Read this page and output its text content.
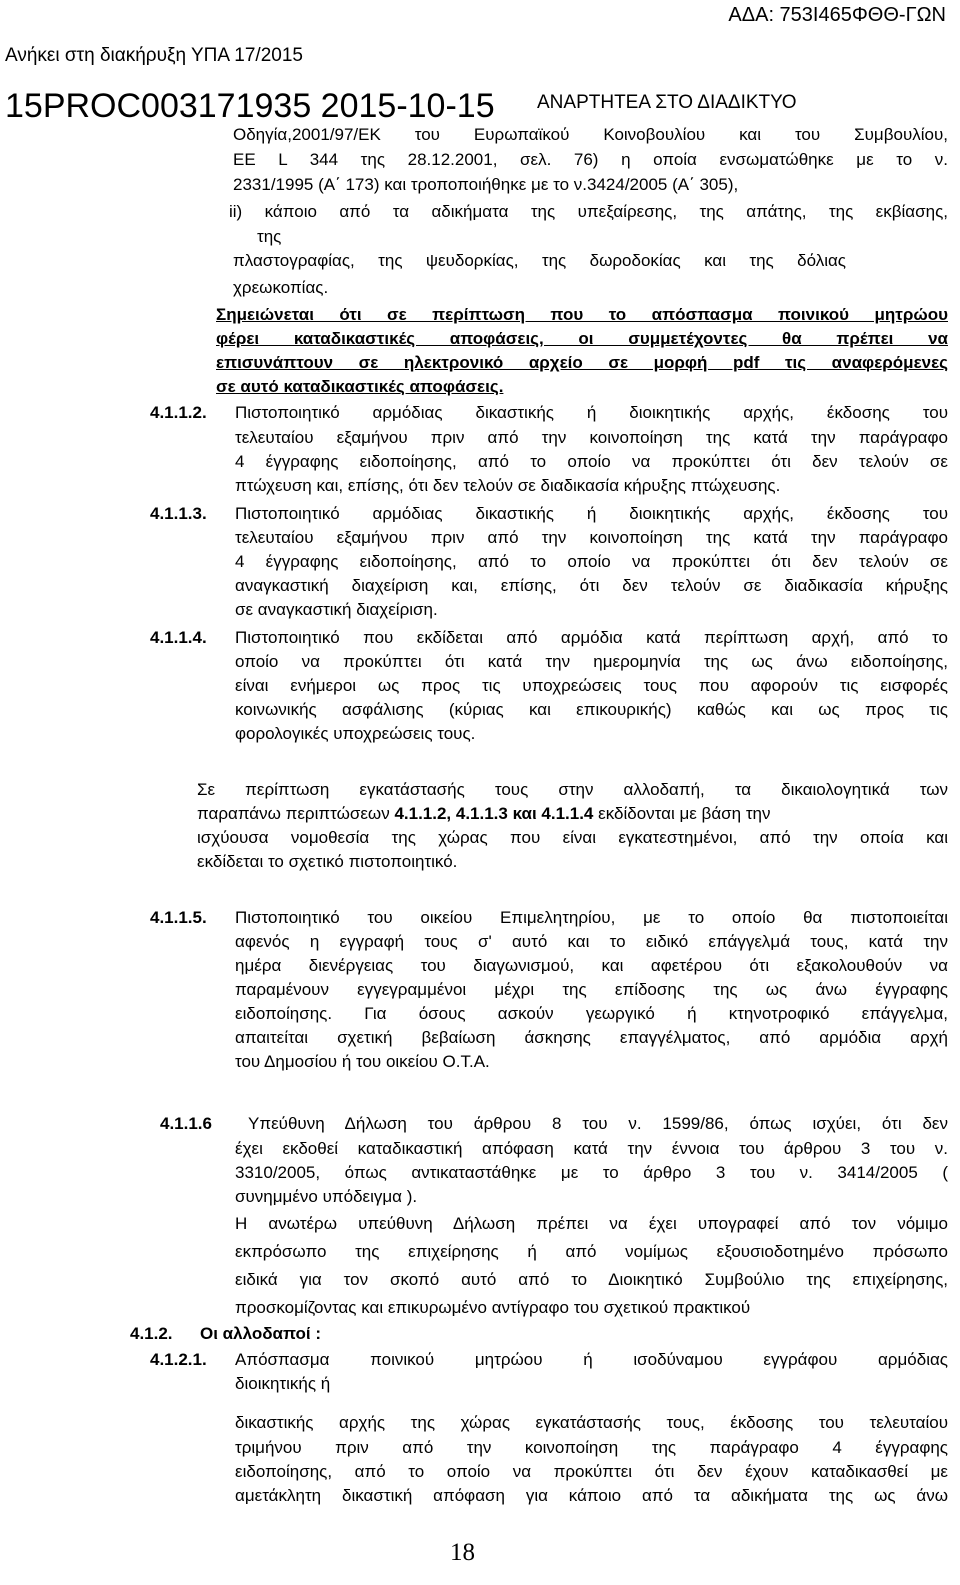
ΑΔΑ: 753Ι465ΦΘΘ-ΓΩΝ
Ανήκει στη διακήρυξη ΥΠΑ 17/2015
15PROC003171935 2015-10-15 ΑΝΑΡΤΗΤΕΑ ΣΤΟ ΔΙΑΔΙΚΤΥΟ
Οδηγία,2001/97/ΕΚ του Ευρωπαϊκού Κοινοβουλίου και του Συμβουλίου,
ΕΕ L 344 της 28.12.2001, σελ. 76) η οποία ενσωματώθηκε με το ν.
2331/1995 (Α΄ 173) και τροποποιήθηκε με το ν.3424/2005 (Α΄ 305),
ii) κάποιο από τα αδικήματα της υπεξαίρεσης, της απάτης, της εκβίασης,
της
πλαστογραφίας, της ψευδορκίας, της δωροδοκίας και της δόλιας
χρεωκοπίας.
Σημειώνεται ότι σε περίπτωση που το απόσπασμα ποινικού μητρώου
φέρει καταδικαστικές αποφάσεις, οι συμμετέχοντες θα πρέπει να
επισυνάπτουν σε ηλεκτρονικό αρχείο σε μορφή pdf τις αναφερόμενες
σε αυτό καταδικαστικές αποφάσεις.
4.1.1.2. Πιστοποιητικό αρμόδιας δικαστικής ή διοικητικής αρχής, έκδοσης του
τελευταίου εξαμήνου πριν από την κοινοποίηση της κατά την παράγραφο
4 έγγραφης ειδοποίησης, από το οποίο να προκύπτει ότι δεν τελούν σε
πτώχευση και, επίσης, ότι δεν τελούν σε διαδικασία κήρυξης πτώχευσης.
4.1.1.3. Πιστοποιητικό αρμόδιας δικαστικής ή διοικητικής αρχής, έκδοσης του
τελευταίου εξαμήνου πριν από την κοινοποίηση της κατά την παράγραφο
4 έγγραφης ειδοποίησης, από το οποίο να προκύπτει ότι δεν τελούν σε
αναγκαστική διαχείριση και, επίσης, ότι δεν τελούν σε διαδικασία κήρυξης
σε αναγκαστική διαχείριση.
4.1.1.4. Πιστοποιητικό που εκδίδεται από αρμόδια κατά περίπτωση αρχή, από το
οποίο να προκύπτει ότι κατά την ημερομηνία της ως άνω ειδοποίησης,
είναι ενήμεροι ως προς τις υποχρεώσεις τους που αφορούν τις εισφορές
κοινωνικής ασφάλισης (κύριας και επικουρικής) καθώς και ως προς τις
φορολογικές υποχρεώσεις τους.
Σε περίπτωση εγκατάστασής τους στην αλλοδαπή, τα δικαιολογητικά των
παραπάνω περιπτώσεων 4.1.1.2, 4.1.1.3 και 4.1.1.4 εκδίδονται με βάση την
ισχύουσα νομοθεσία της χώρας που είναι εγκατεστημένοι, από την οποία και
εκδίδεται το σχετικό πιστοποιητικό.
4.1.1.5. Πιστοποιητικό του οικείου Επιμελητηρίου, με το οποίο θα πιστοποιείται
αφενός η εγγραφή τους σ' αυτό και το ειδικό επάγγελμά τους, κατά την
ημέρα διενέργειας του διαγωνισμού, και αφετέρου ότι εξακολουθούν να
παραμένουν εγγεγραμμένοι μέχρι της επίδοσης της ως άνω έγγραφης
ειδοποίησης. Για όσους ασκούν γεωργικό ή κτηνοτροφικό επάγγελμα,
απαιτείται σχετική βεβαίωση άσκησης επαγγέλματος, από αρμόδια αρχή
του Δημοσίου ή του οικείου Ο.Τ.Α.
4.1.1.6 Υπεύθυνη Δήλωση του άρθρου 8 του ν. 1599/86, όπως ισχύει, ότι δεν
έχει εκδοθεί καταδικαστική απόφαση κατά την έννοια του άρθρου 3 του ν.
3310/2005, όπως αντικαταστάθηκε με το άρθρο 3 του ν. 3414/2005 (
συνημμένο υπόδειγμα ).
Η ανωτέρω υπεύθυνη Δήλωση πρέπει να έχει υπογραφεί από τον νόμιμο
εκπρόσωπο της επιχείρησης ή από νομίμως εξουσιοδοτημένο πρόσωπο
ειδικά για τον σκοπό αυτό από το Διοικητικό Συμβούλιο της επιχείρησης,
προσκομίζοντας και επικυρωμένο αντίγραφο του σχετικού πρακτικού
4.1.2. Οι αλλοδαποί :
4.1.2.1. Απόσπασμα ποινικού μητρώου ή ισοδύναμου εγγράφου αρμόδιας
διοικητικής ή
δικαστικής αρχής της χώρας εγκατάστασής τους, έκδοσης του τελευταίου
τριμήνου πριν από την κοινοποίηση της παράγραφο 4 έγγραφης
ειδοποίησης, από το οποίο να προκύπτει ότι δεν έχουν καταδικασθεί με
αμετάκλητη δικαστική απόφαση για κάποιο από τα αδικήματα της ως άνω
18
